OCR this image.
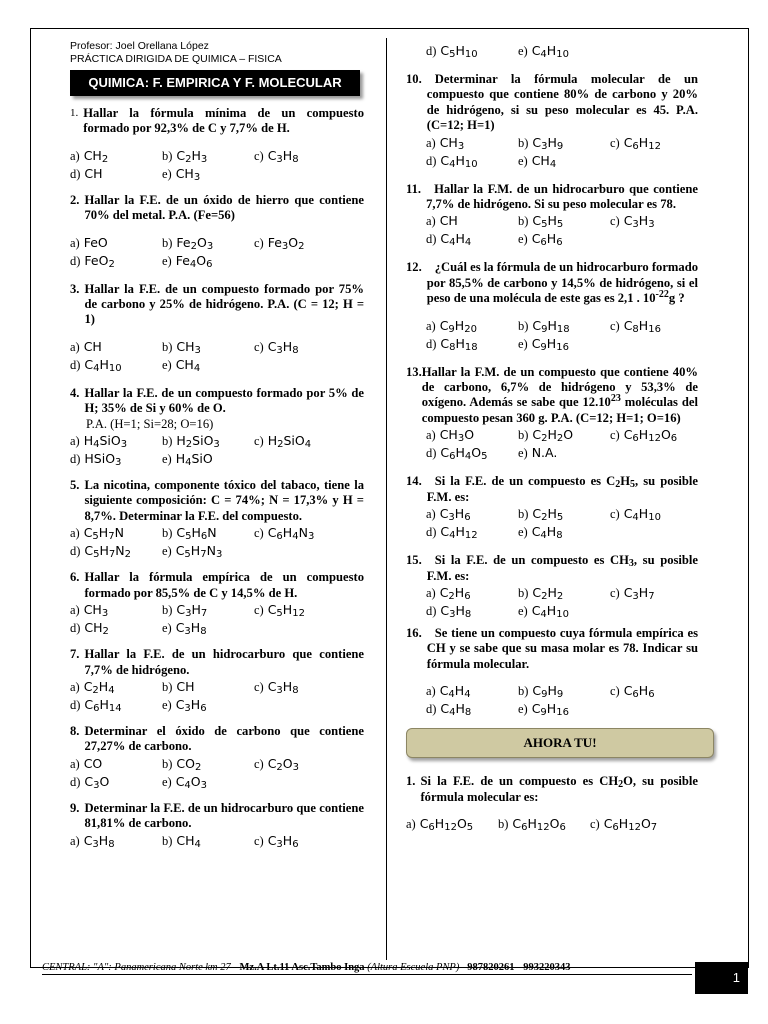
Profesor: Joel Orellana López
PRÁCTICA DIRIGIDA DE QUIMICA – FISICA
QUIMICA: F. EMPIRICA Y F. MOLECULAR
1. Hallar la fórmula mínima de un compuesto formado por 92,3% de C y 7,7% de H.
a) $CH_2$	b) $C_2H_3$	c) $C_3H_8$
d) CH	e) $CH_3$
2. Hallar la F.E. de un óxido de hierro que contiene 70% del metal. P.A. (Fe=56)
a) FeO	b) $Fe_2O_3$	c) $Fe_3O_2$
d) FeO$_2$	e) $Fe_4O_6$
3. Hallar la F.E. de un compuesto formado por 75% de carbono y 25% de hidrógeno. P.A. (C = 12; H = 1)
a) CH	b) $CH_3$	c) $C_3H_8$
d) $C_4H_{10}$	e) $CH_4$
4. Hallar la F.E. de un compuesto formado por 5% de H; 35% de Si y 60% de O.
P.A. (H=1; Si=28; O=16)
a) $H_4SiO_3$	b) $H_2SiO_3$	c) $H_2SiO_4$
d) HSiO$_3$	e) $H_4SiO$
5. La nicotina, componente tóxico del tabaco, tiene la siguiente composición: C = 74%; N = 17,3% y H = 8,7%. Determinar la F.E. del compuesto.
a) $C_5H_7N$	b) $C_5H_6N$	c) $C_6H_4N_3$
d) $C_5H_7N_2$	e) $C_5H_7N_3$
6. Hallar la fórmula empírica de un compuesto formado por 85,5% de C y 14,5% de H.
a) $CH_3$	b) $C_3H_7$	c) $C_5H_{12}$
d) $CH_2$	e) $C_3H_8$
7. Hallar la F.E. de un hidrocarburo que contiene 7,7% de hidrógeno.
a) $C_2H_4$	b) CH	c) $C_3H_8$
d) $C_6H_{14}$	e) $C_3H_6$
8. Determinar el óxido de carbono que contiene 27,27% de carbono.
a) CO	b) $CO_2$	c) $C_2O_3$
d) $C_3O$	e) $C_4O_3$
9. Determinar la F.E. de un hidrocarburo que contiene 81,81% de carbono.
a) $C_3H_8$	b) $CH_4$	c) $C_3H_6$
d) $C_5H_{10}$	e) $C_4H_{10}$
10.	Determinar la fórmula molecular de un compuesto que contiene 80% de carbono y 20% de hidrógeno, si su peso molecular es 45. P.A. (C=12; H=1)
a) $CH_3$	b) $C_3H_9$	c) $C_6H_{12}$
d) $C_4H_{10}$	e) $CH_4$
11.	Hallar la F.M. de un hidrocarburo que contiene 7,7% de hidrógeno. Si su peso molecular es 78.
a) CH	b) $C_5H_5$	c) $C_3H_3$
d) $C_4H_4$	e) $C_6H_6$
12.	¿Cuál es la fórmula de un hidrocarburo formado por 85,5% de carbono y 14,5% de hidrógeno, si el peso de una molécula de este gas es 2,1 . $10^{-22}g$ ?
a) $C_9H_{20}$	b) $C_9H_{18}$	c) $C_8H_{16}$
d) $C_8H_{18}$	e) $C_9H_{16}$
13. Hallar la F.M. de un compuesto que contiene 40% de carbono, 6,7% de hidrógeno y 53,3% de oxígeno. Además se sabe que 12.10$^{23}$ moléculas del compuesto pesan 360 g. P.A. (C=12; H=1; O=16)
a) $CH_3O$	b) $C_2H_2O$	c) $C_6H_{12}O_6$
d) $C_6H_4O_5$	e) N.A.
14.	Si la F.E. de un compuesto es $C_2H_5$, su posible F.M. es:
a) $C_3H_6$	b) $C_2H_5$	c) $C_4H_{10}$
d) $C_4H_{12}$	e) $C_4H_8$
15.	Si la F.E. de un compuesto es $CH_3$, su posible F.M. es:
a) $C_2H_6$	b) $C_2H_2$	c) $C_3H_7$
d) $C_3H_8$	e) $C_4H_{10}$
16.	Se tiene un compuesto cuya fórmula empírica es CH y se sabe que su masa molar es 78. Indicar su fórmula molecular.
a) $C_4H_4$	b) $C_9H_9$	c) $C_6H_6$
d) $C_4H_8$	e) $C_9H_{16}$
AHORA TU!
1. Si la F.E. de un compuesto es $CH_2O$, su posible fórmula molecular es:
a) $C_6H_{12}O_5$	b) $C_6H_{12}O_6$	c) $C_6H_{12}O_7$
CENTRAL: "A": Panamericana Norte km 27 - Mz.A Lt.11 Asc.Tambo Inga (Altura Escuela PNP) 987820261 - 993220343
1
